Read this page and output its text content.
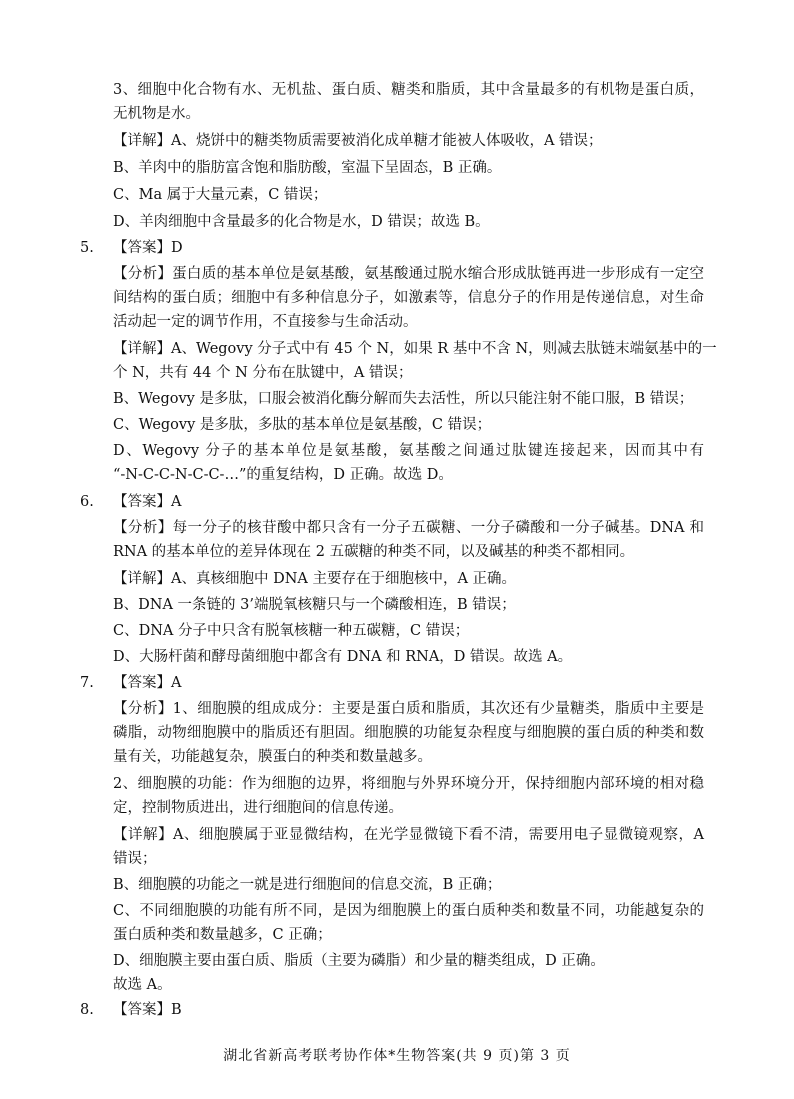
3、细胞中化合物有水、无机盐、蛋白质、糖类和脂质，其中含量最多的有机物是蛋白质，
无机物是水。
【详解】A、烧饼中的糖类物质需要被消化成单糖才能被人体吸收，A 错误；
B、羊肉中的脂肪富含饱和脂肪酸，室温下呈固态，B 正确。
C、Ma 属于大量元素，C 错误；
D、羊肉细胞中含量最多的化合物是水，D 错误；故选 B。
5. 【答案】D
【分析】蛋白质的基本单位是氨基酸，氨基酸通过脱水缩合形成肽链再进一步形成有一定空
间结构的蛋白质；细胞中有多种信息分子，如激素等，信息分子的作用是传递信息，对生命
活动起一定的调节作用，不直接参与生命活动。
【详解】A、Wegovy 分子式中有 45 个 N，如果 R 基中不含 N，则减去肽链末端氨基中的一
个 N，共有 44 个 N 分布在肽键中，A 错误；
B、Wegovy 是多肽，口服会被消化酶分解而失去活性，所以只能注射不能口服，B 错误；
C、Wegovy 是多肽，多肽的基本单位是氨基酸，C 错误；
D、Wegovy 分子的基本单位是氨基酸，氨基酸之间通过肽键连接起来，因而其中有
“-N-C-C-N-C-C-…”的重复结构，D 正确。故选 D。
6. 【答案】A
【分析】每一分子的核苷酸中都只含有一分子五碳糖、一分子磷酸和一分子碱基。DNA 和
RNA 的基本单位的差异体现在 2 五碳糖的种类不同，以及碱基的种类不都相同。
【详解】A、真核细胞中 DNA 主要存在于细胞核中，A 正确。
B、DNA 一条链的 3’端脱氧核糖只与一个磷酸相连，B 错误；
C、DNA 分子中只含有脱氧核糖一种五碳糖，C 错误；
D、大肠杆菌和酵母菌细胞中都含有 DNA 和 RNA，D 错误。故选 A。
7. 【答案】A
【分析】1、细胞膜的组成成分：主要是蛋白质和脂质，其次还有少量糖类，脂质中主要是
磷脂，动物细胞膜中的脂质还有胆固。细胞膜的功能复杂程度与细胞膜的蛋白质的种类和数
量有关，功能越复杂，膜蛋白的种类和数量越多。
2、细胞膜的功能：作为细胞的边界，将细胞与外界环境分开，保持细胞内部环境的相对稳
定，控制物质进出，进行细胞间的信息传递。
【详解】A、细胞膜属于亚显微结构，在光学显微镜下看不清，需要用电子显微镜观察，A
错误；
B、细胞膜的功能之一就是进行细胞间的信息交流，B 正确；
C、不同细胞膜的功能有所不同，是因为细胞膜上的蛋白质种类和数量不同，功能越复杂的
蛋白质种类和数量越多，C 正确；
D、细胞膜主要由蛋白质、脂质（主要为磷脂）和少量的糖类组成，D 正确。
故选 A。
8. 【答案】B
湖北省新高考联考协作体*生物答案(共 9 页)第 3 页
